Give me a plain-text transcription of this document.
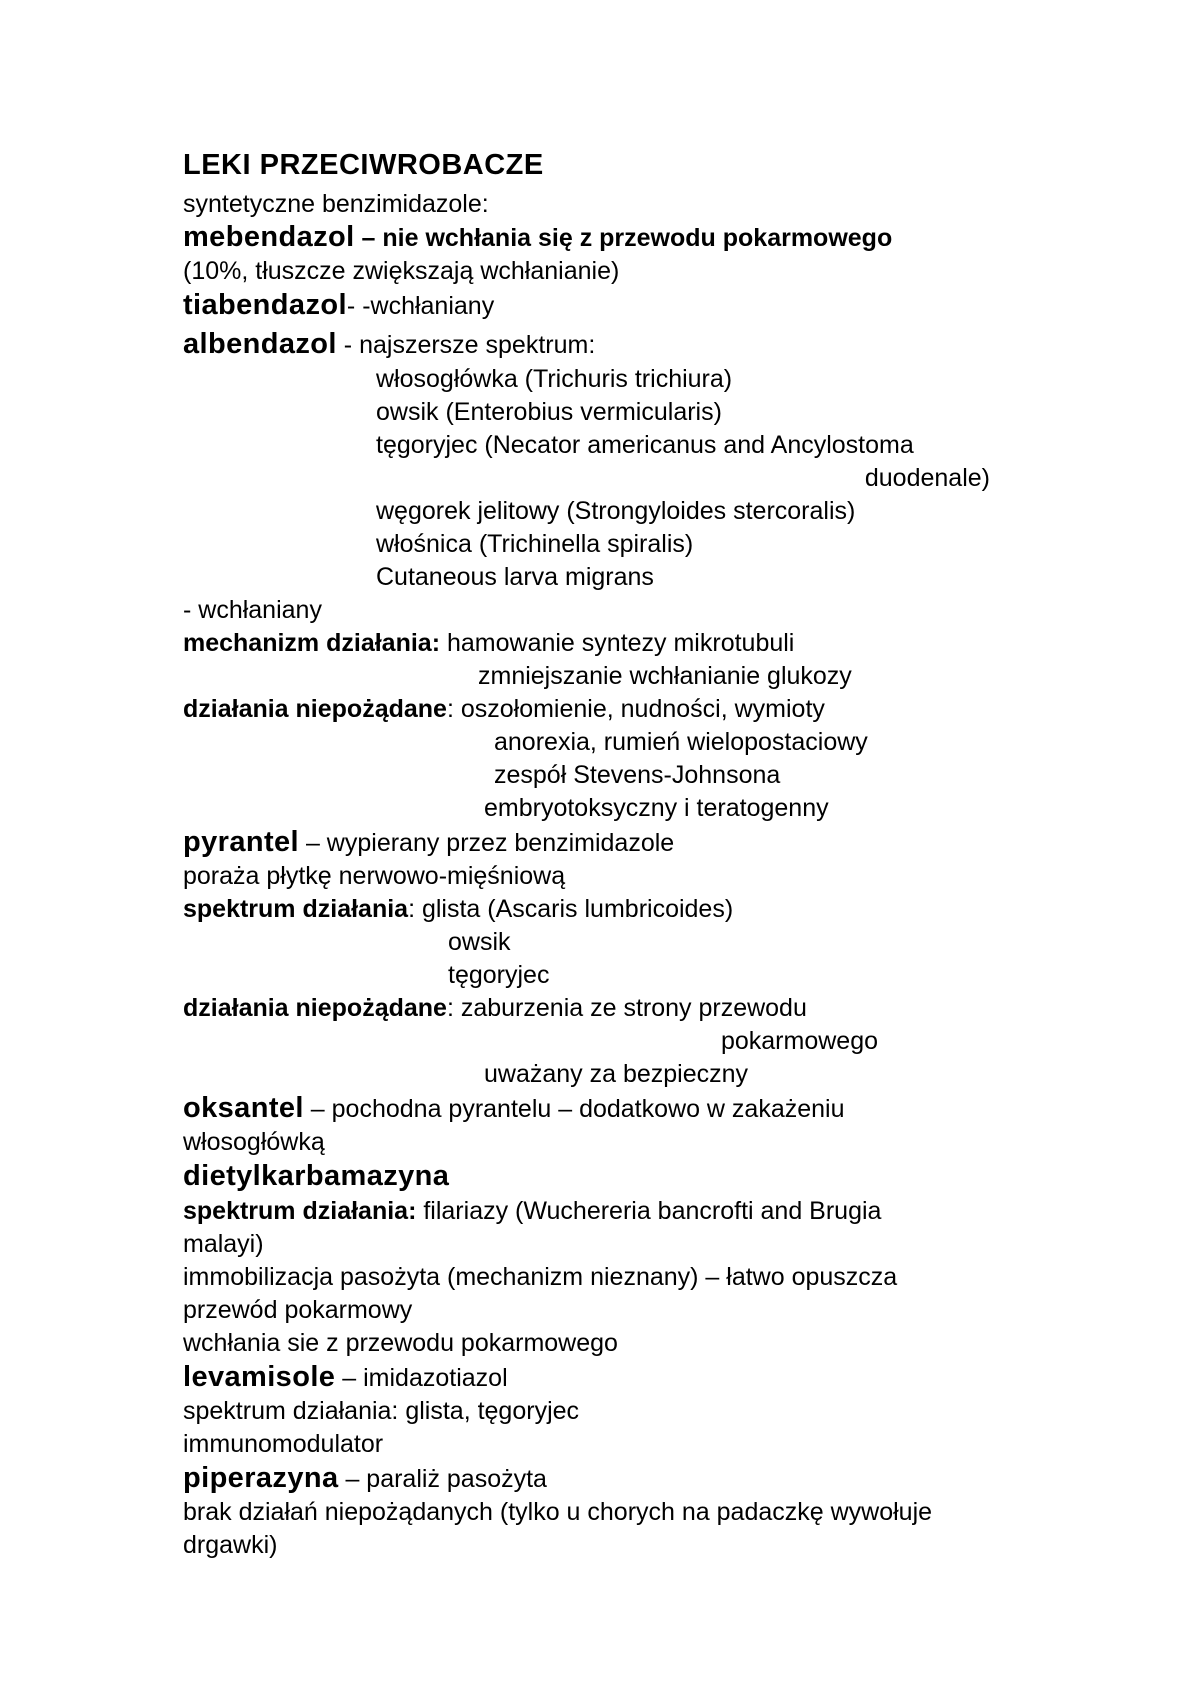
LEKI PRZECIWROBACZE
syntetyczne benzimidazole:
mebendazol – nie wchłania się z przewodu pokarmowego
(10%, tłuszcze zwiększają wchłanianie)
tiabendazol- -wchłaniany
albendazol - najszersze spektrum:
włosogłówka (Trichuris trichiura)
owsik (Enterobius vermicularis)
tęgoryjec (Necator americanus and Ancylostoma
duodenale)
węgorek jelitowy (Strongyloides stercoralis)
włośnica (Trichinella spiralis)
Cutaneous larva migrans
- wchłaniany
mechanizm działania: hamowanie syntezy mikrotubuli
zmniejszanie wchłanianie glukozy
działania niepożądane: oszołomienie, nudności, wymioty
anorexia, rumień wielopostaciowy
zespół Stevens-Johnsona
embryotoksyczny i teratogenny
pyrantel – wypierany przez benzimidazole
poraża płytkę nerwowo-mięśniową
spektrum działania: glista (Ascaris lumbricoides)
owsik
tęgoryjec
działania niepożądane: zaburzenia ze strony przewodu
pokarmowego
uważany za bezpieczny
oksantel – pochodna pyrantelu – dodatkowo w zakażeniu
włosogłówką
dietylkarbamazyna
spektrum działania: filariazy (Wuchereria bancrofti and Brugia
malayi)
immobilizacja pasożyta (mechanizm nieznany) – łatwo opuszcza
przewód pokarmowy
wchłania sie z przewodu pokarmowego
levamisole – imidazotiazol
spektrum działania: glista, tęgoryjec
immunomodulator
piperazyna – paraliż pasożyta
brak działań niepożądanych (tylko u chorych na padaczkę wywołuje
drgawki)
